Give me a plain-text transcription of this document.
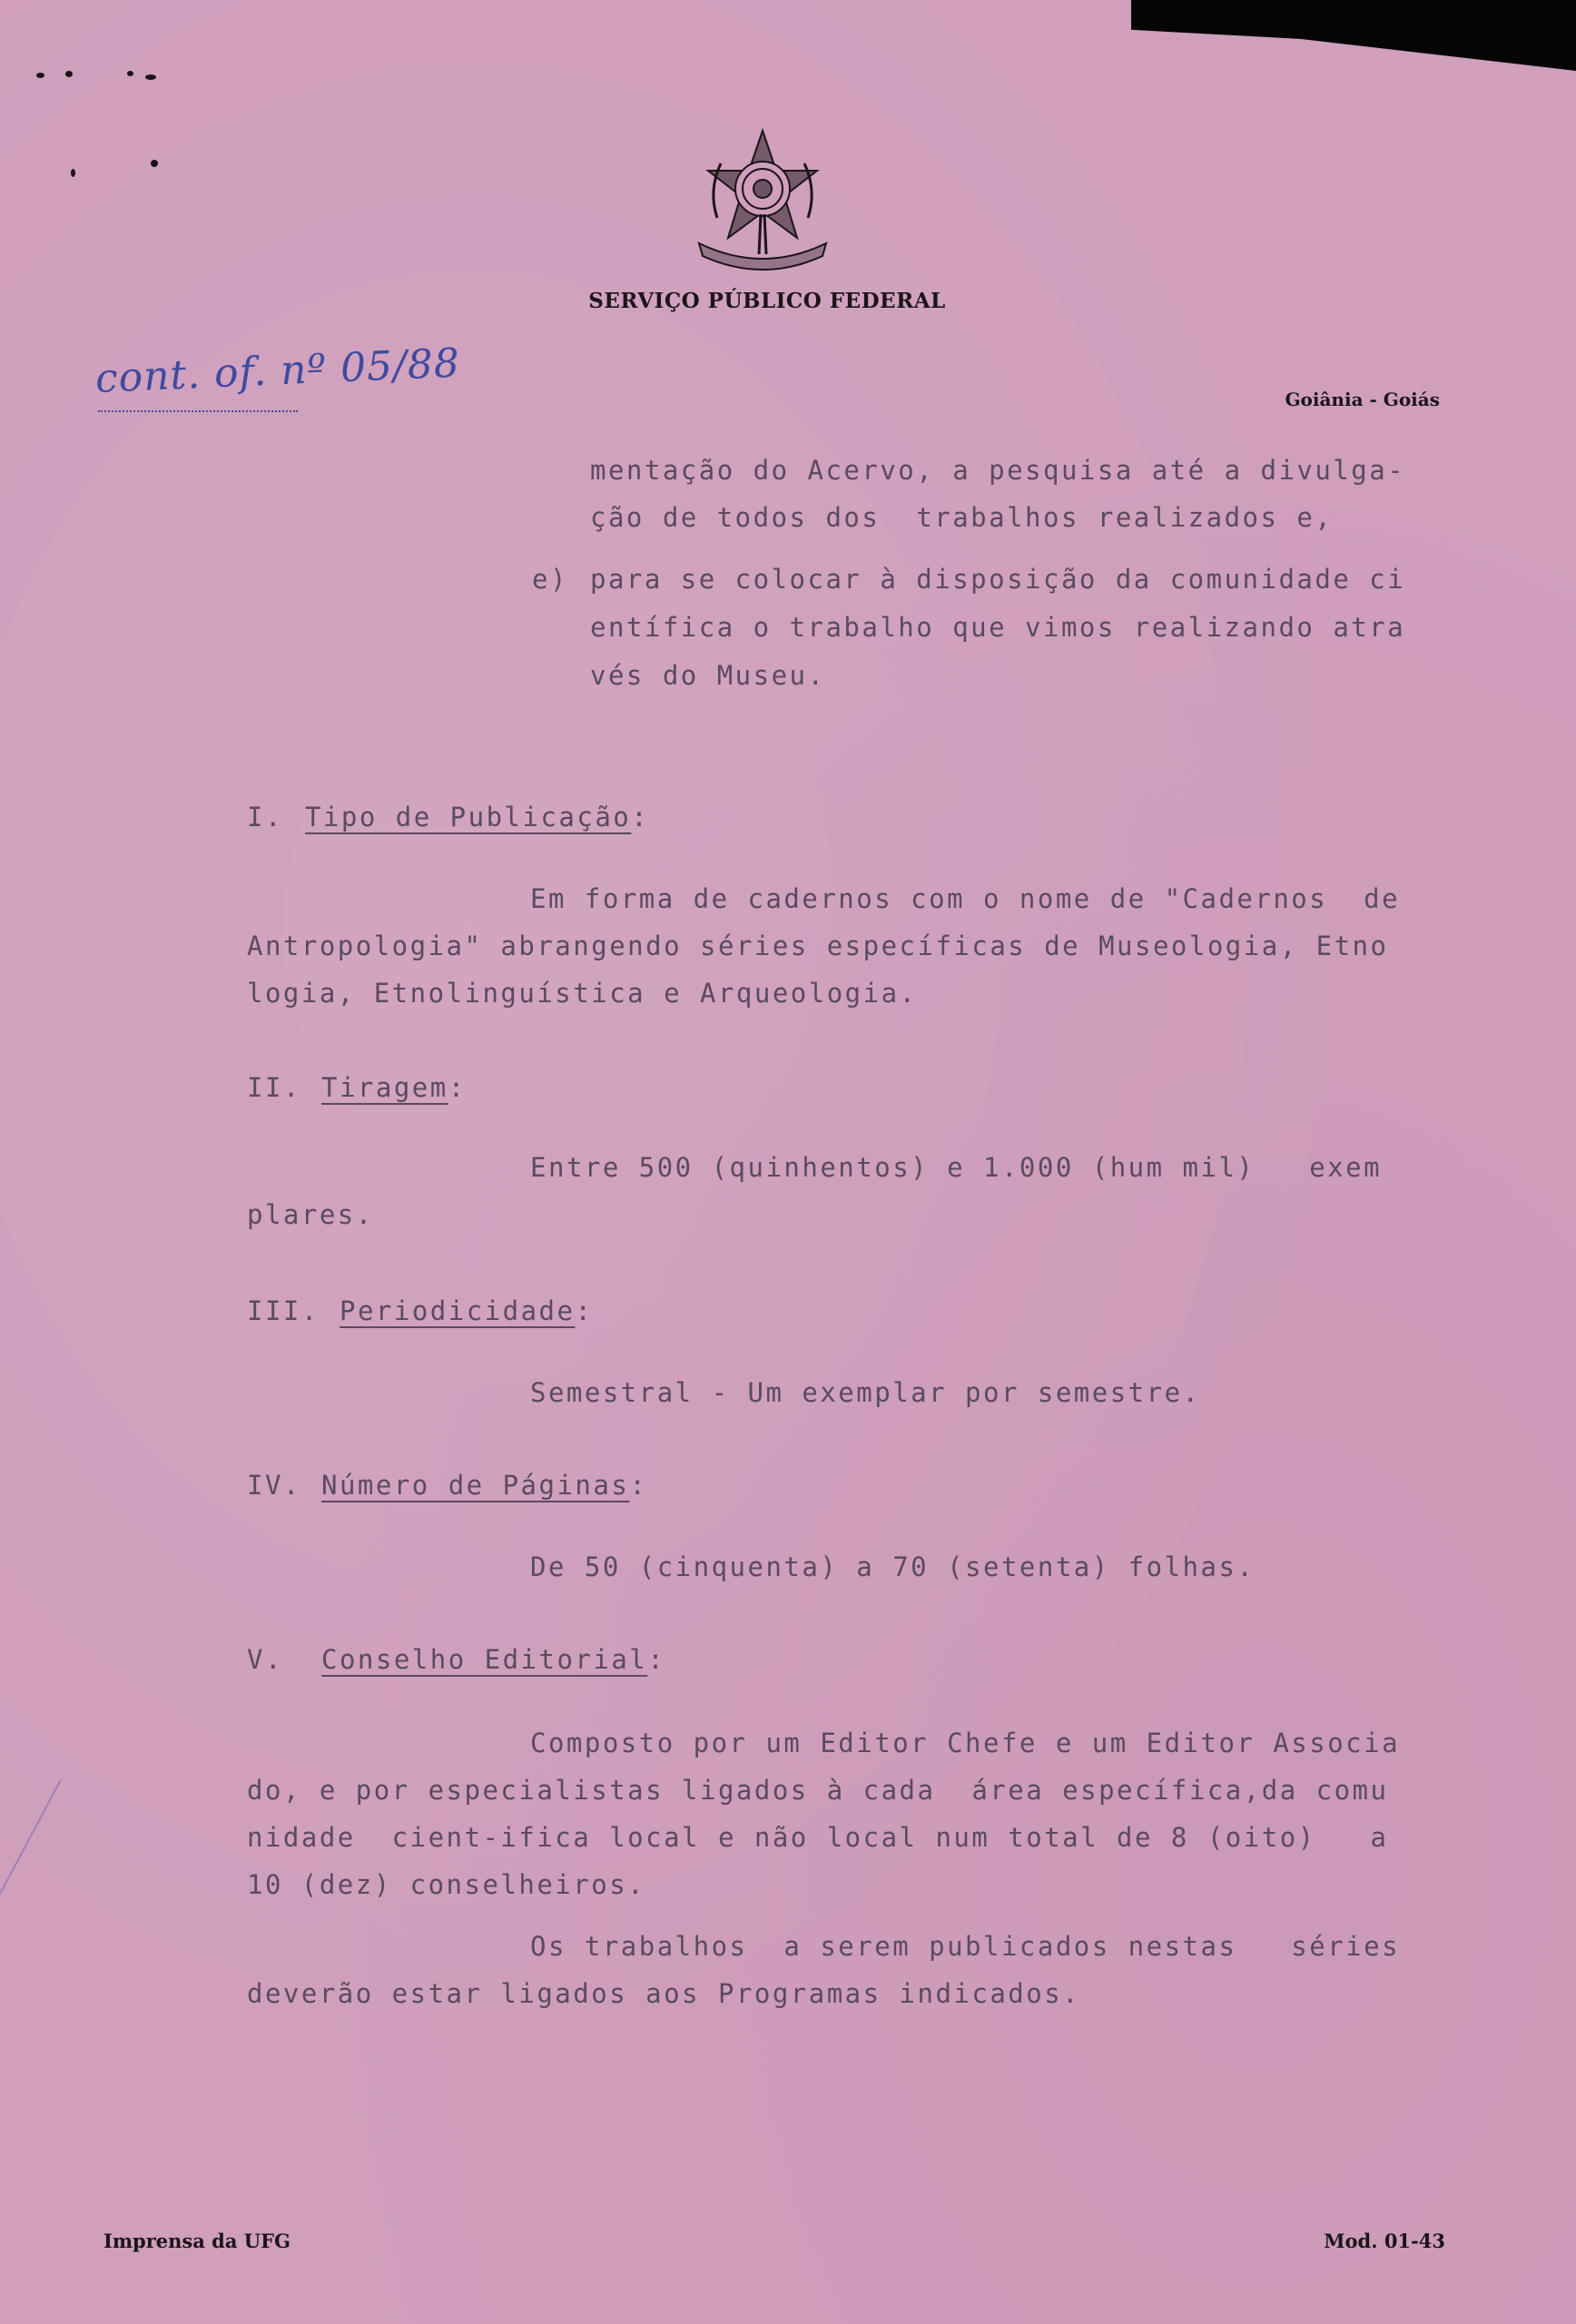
SERVIÇO PÚBLICO FEDERAL
cont. of. nº 05/88	Goiânia - Goiás
mentação do Acervo, a pesquisa até a divulga-
ção de todos dos  trabalhos realizados e,
e) para se colocar à disposição da comunidade ci
entífica o trabalho que vimos realizando atra
vés do Museu.
I. Tipo de Publicação:
Em forma de cadernos com o nome de "Cadernos  de
Antropologia" abrangendo séries específicas de Museologia, Etno
logia, Etnolinguística e Arqueologia.
II. Tiragem:
Entre 500 (quinhentos) e 1.000 (hum mil)   exem
plares.
III. Periodicidade:
Semestral - Um exemplar por semestre.
IV. Número de Páginas:
De 50 (cinquenta) a 70 (setenta) folhas.
V. Conselho Editorial:
Composto por um Editor Chefe e um Editor Associa
do, e por especialistas ligados à cada  área específica,da comu
nidade  cient-ifica local e não local num total de 8 (oito)   a
10 (dez) conselheiros.
Os trabalhos  a serem publicados nestas   séries
deverão estar ligados aos Programas indicados.
Imprensa da UFG	Mod. 01-43
